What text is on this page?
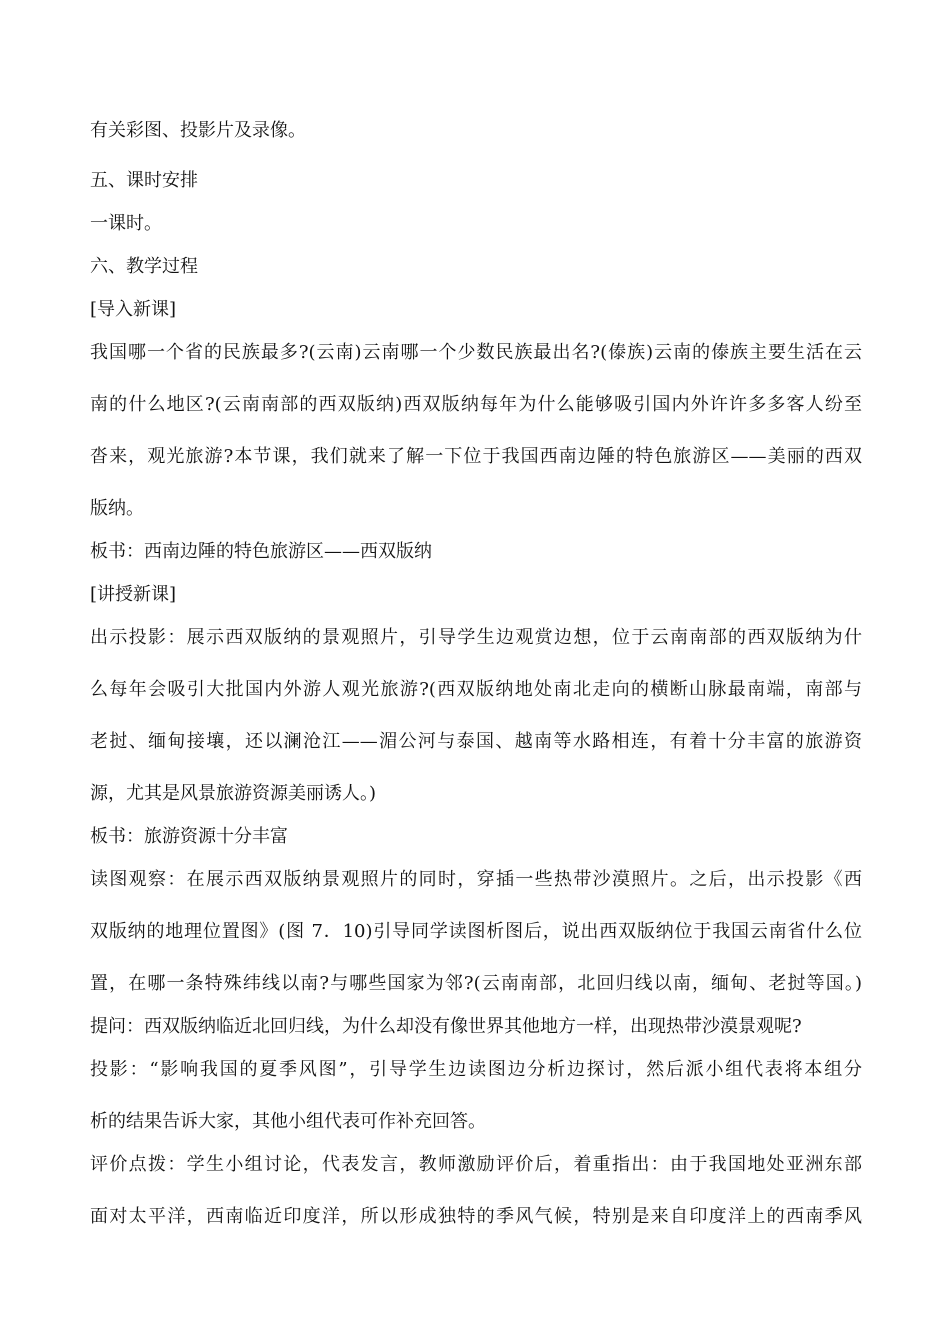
有关彩图、投影片及录像。
五、课时安排
一课时。
六、教学过程
[导入新课]
我国哪一个省的民族最多?(云南)云南哪一个少数民族最出名?(傣族)云南的傣族主要生活在云
南的什么地区?(云南南部的西双版纳)西双版纳每年为什么能够吸引国内外许许多多客人纷至
沓来，观光旅游?本节课，我们就来了解一下位于我国西南边陲的特色旅游区——美丽的西双
版纳。
板书：西南边陲的特色旅游区——西双版纳
[讲授新课]
出示投影：展示西双版纳的景观照片，引导学生边观赏边想，位于云南南部的西双版纳为什
么每年会吸引大批国内外游人观光旅游?(西双版纳地处南北走向的横断山脉最南端，南部与
老挝、缅甸接壤，还以澜沧江——湄公河与泰国、越南等水路相连，有着十分丰富的旅游资
源，尤其是风景旅游资源美丽诱人。)
板书：旅游资源十分丰富
读图观察：在展示西双版纳景观照片的同时，穿插一些热带沙漠照片。之后，出示投影《西
双版纳的地理位置图》(图 7．10)引导同学读图析图后，说出西双版纳位于我国云南省什么位
置，在哪一条特殊纬线以南?与哪些国家为邻?(云南南部，北回归线以南，缅甸、老挝等国。)
提问：西双版纳临近北回归线，为什么却没有像世界其他地方一样，出现热带沙漠景观呢?
投影：“影响我国的夏季风图”，引导学生边读图边分析边探讨，然后派小组代表将本组分
析的结果告诉大家，其他小组代表可作补充回答。
评价点拨：学生小组讨论，代表发言，教师激励评价后，着重指出：由于我国地处亚洲东部
面对太平洋，西南临近印度洋，所以形成独特的季风气候，特别是来自印度洋上的西南季风
